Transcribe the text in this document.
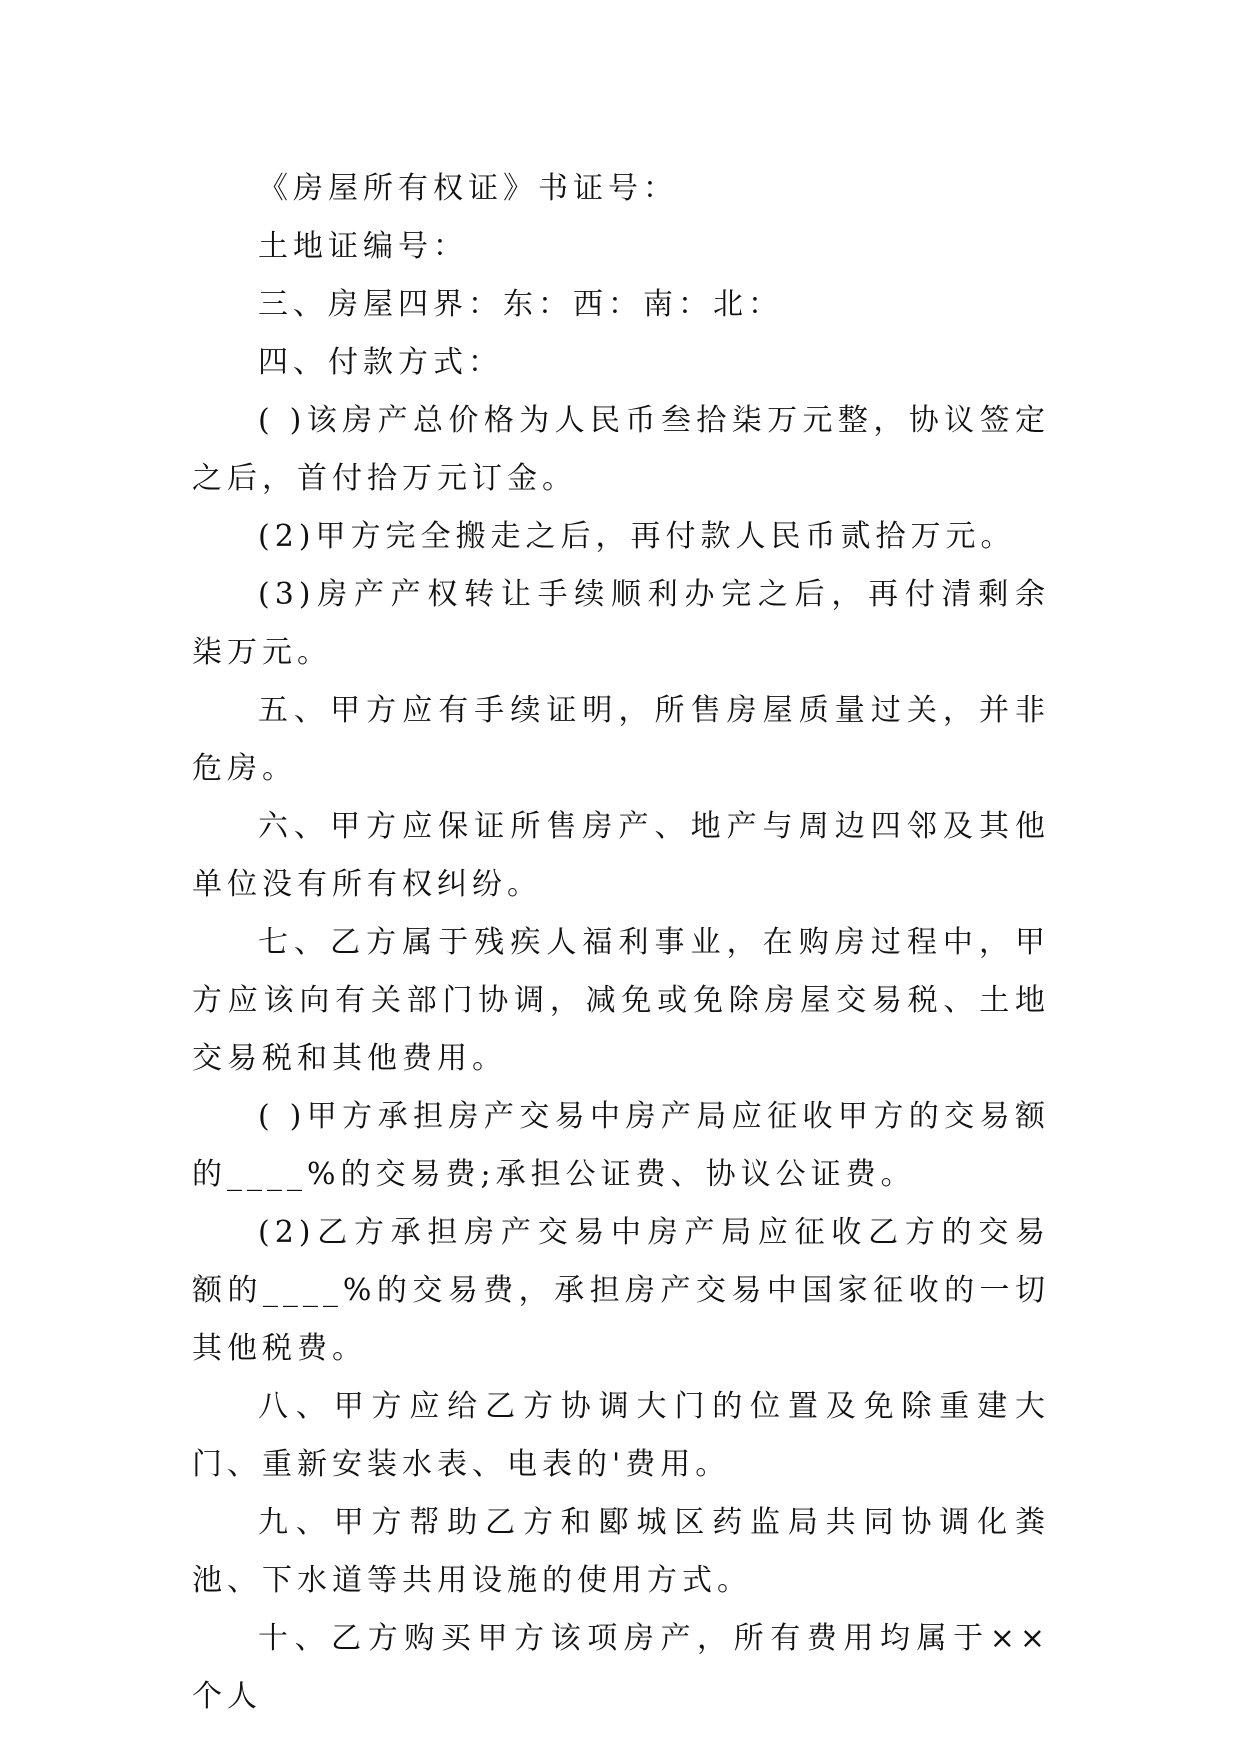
《房屋所有权证》书证号：

土地证编号：

三、房屋四界：东：西：南：北：

四、付款方式：

( )该房产总价格为人民币叁拾柒万元整，协议签定之后，首付拾万元订金。

(2)甲方完全搬走之后，再付款人民币贰拾万元。

(3)房产产权转让手续顺利办完之后，再付清剩余柒万元。

五、甲方应有手续证明，所售房屋质量过关，并非危房。

六、甲方应保证所售房产、地产与周边四邻及其他单位没有所有权纠纷。

七、乙方属于残疾人福利事业，在购房过程中，甲方应该向有关部门协调，减免或免除房屋交易税、土地交易税和其他费用。

( )甲方承担房产交易中房产局应征收甲方的交易额的____%的交易费;承担公证费、协议公证费。

(2)乙方承担房产交易中房产局应征收乙方的交易额的____%的交易费，承担房产交易中国家征收的一切其他税费。

八、甲方应给乙方协调大门的位置及免除重建大门、重新安装水表、电表的'费用。

九、甲方帮助乙方和郾城区药监局共同协调化粪池、下水道等共用设施的使用方式。

十、乙方购买甲方该项房产，所有费用均属于××个人
